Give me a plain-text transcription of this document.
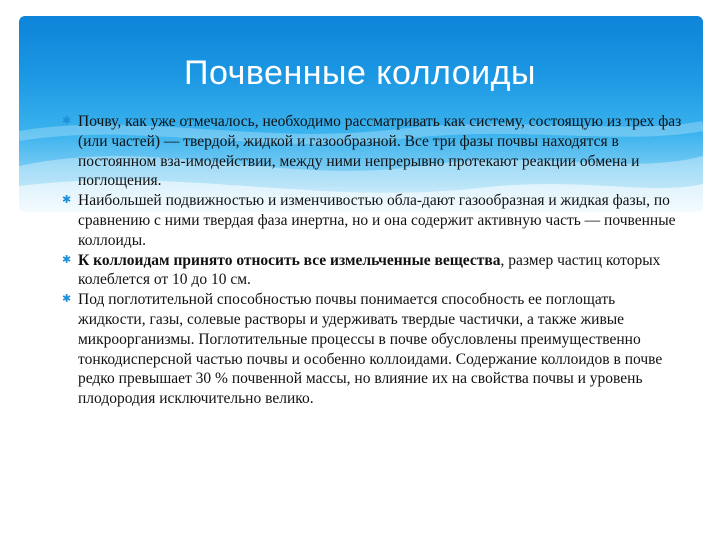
Почвенные коллоиды
✱ Почву, как уже отмечалось, необходимо рассматривать как систему, состоящую из трех фаз (или частей) — твердой, жидкой и газообразной. Все три фазы почвы находятся в постоянном вза-имодействии, между ними непрерывно протекают реакции обмена и поглощения.
✱ Наибольшей подвижностью и изменчивостью обла-дают газообразная и жидкая фазы, по сравнению с ними твердая фаза инертна, но и она содержит активную часть — почвенные коллоиды.
✱ К коллоидам принято относить все измельченные вещества, размер частиц которых колеблется от 10 до 10 см.
✱ Под поглотительной способностью почвы понимается способность ее поглощать жидкости, газы, солевые растворы и удерживать твердые частички, а также живые микроорганизмы. Поглотительные процессы в почве обусловлены преимущественно тонкодисперсной частью почвы и особенно коллоидами. Содержание коллоидов в почве редко превышает 30 % почвенной массы, но влияние их на свойства почвы и уровень плодородия исключительно велико.
